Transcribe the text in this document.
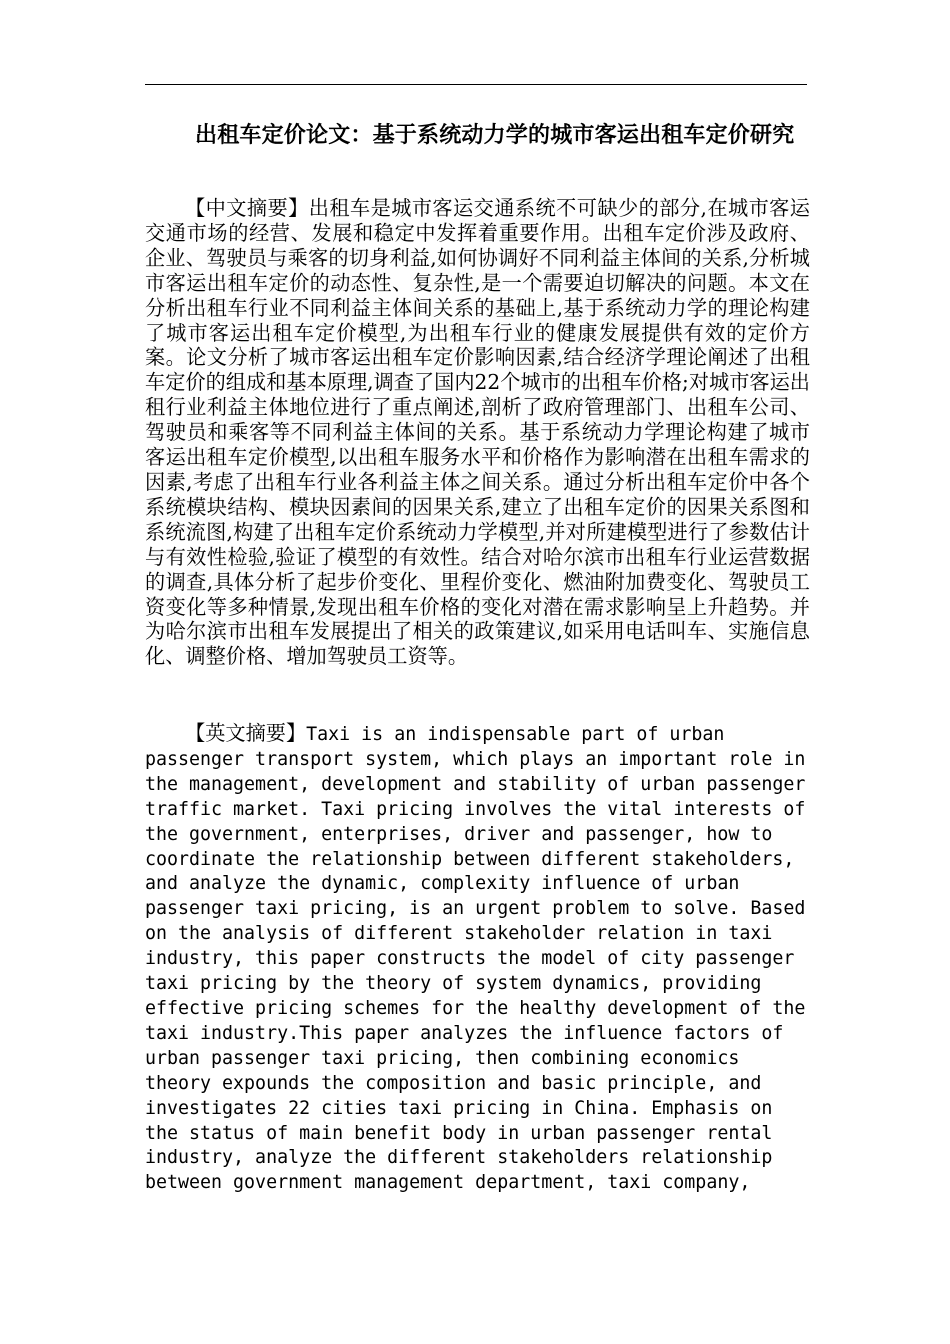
出租车定价论文：基于系统动力学的城市客运出租车定价研究

【中文摘要】出租车是城市客运交通系统不可缺少的部分,在城市客运交通市场的经营、发展和稳定中发挥着重要作用。出租车定价涉及政府、企业、驾驶员与乘客的切身利益,如何协调好不同利益主体间的关系,分析城市客运出租车定价的动态性、复杂性,是一个需要迫切解决的问题。本文在分析出租车行业不同利益主体间关系的基础上,基于系统动力学的理论构建了城市客运出租车定价模型,为出租车行业的健康发展提供有效的定价方案。论文分析了城市客运出租车定价影响因素,结合经济学理论阐述了出租车定价的组成和基本原理,调查了国内22个城市的出租车价格;对城市客运出租行业利益主体地位进行了重点阐述,剖析了政府管理部门、出租车公司、驾驶员和乘客等不同利益主体间的关系。基于系统动力学理论构建了城市客运出租车定价模型,以出租车服务水平和价格作为影响潜在出租车需求的因素,考虑了出租车行业各利益主体之间关系。通过分析出租车定价中各个系统模块结构、模块因素间的因果关系,建立了出租车定价的因果关系图和系统流图,构建了出租车定价系统动力学模型,并对所建模型进行了参数估计与有效性检验,验证了模型的有效性。结合对哈尔滨市出租车行业运营数据的调查,具体分析了起步价变化、里程价变化、燃油附加费变化、驾驶员工资变化等多种情景,发现出租车价格的变化对潜在需求影响呈上升趋势。并为哈尔滨市出租车发展提出了相关的政策建议,如采用电话叫车、实施信息化、调整价格、增加驾驶员工资等。

【英文摘要】Taxi is an indispensable part of urban passenger transport system, which plays an important role in the management, development and stability of urban passenger traffic market. Taxi pricing involves the vital interests of the government, enterprises, driver and passenger, how to coordinate the relationship between different stakeholders, and analyze the dynamic, complexity influence of urban passenger taxi pricing, is an urgent problem to solve. Based on the analysis of different stakeholder relation in taxi industry, this paper constructs the model of city passenger taxi pricing by the theory of system dynamics, providing effective pricing schemes for the healthy development of the taxi industry.This paper analyzes the influence factors of urban passenger taxi pricing, then combining economics theory expounds the composition and basic principle, and investigates 22 cities taxi pricing in China. Emphasis on the status of main benefit body in urban passenger rental industry, analyze the different stakeholders relationship between government management department, taxi company,
